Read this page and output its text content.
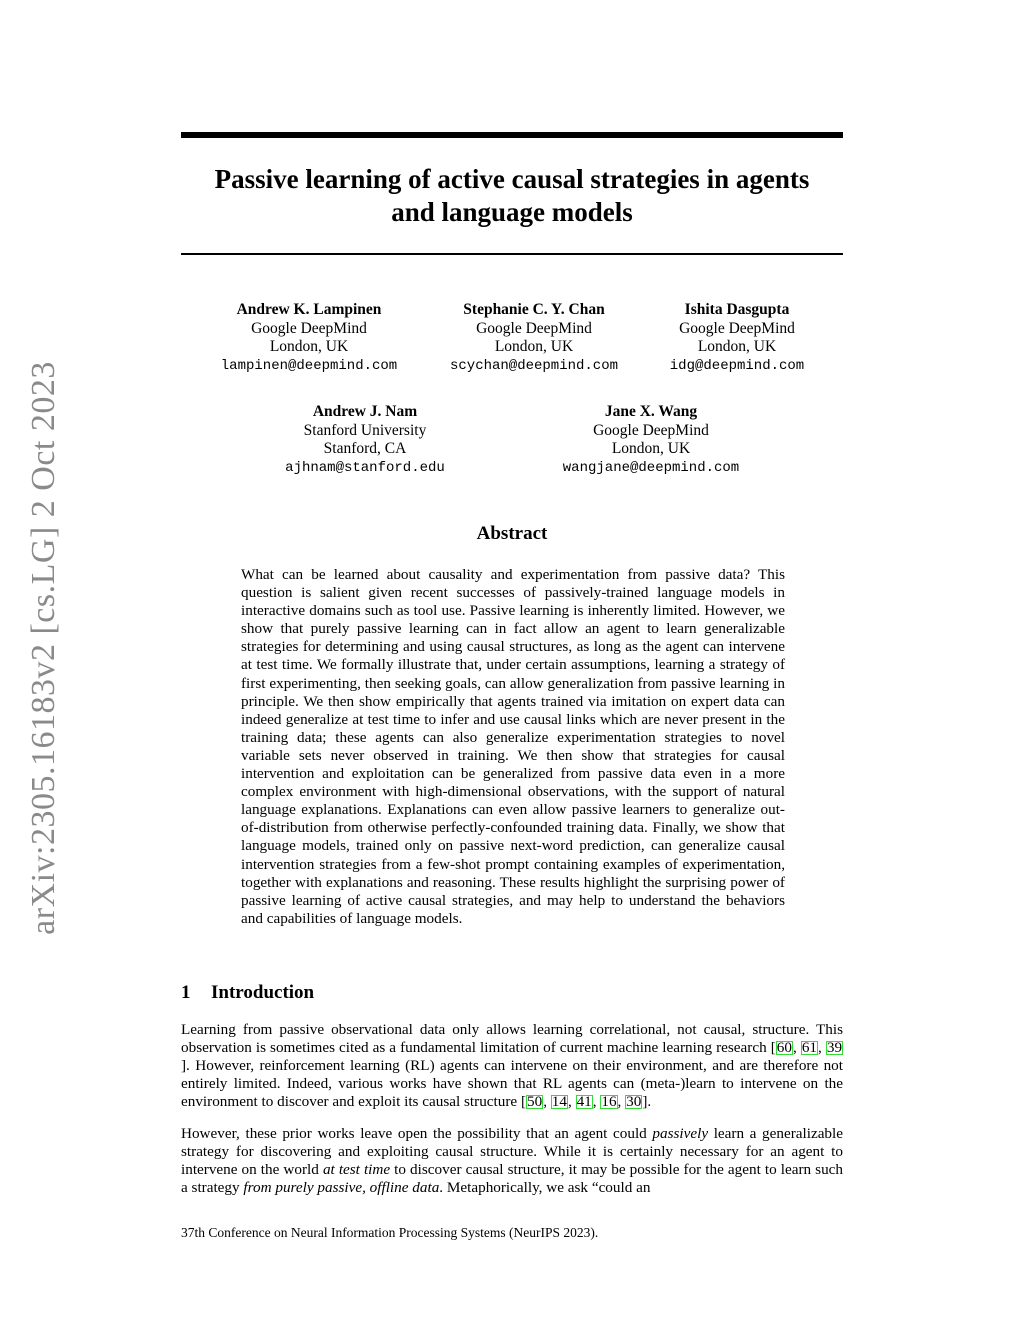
arXiv:2305.16183v2 [cs.LG] 2 Oct 2023
Passive learning of active causal strategies in agents
and language models
Andrew K. Lampinen
Google DeepMind
London, UK
lampinen@deepmind.com
Stephanie C. Y. Chan
Google DeepMind
London, UK
scychan@deepmind.com
Ishita Dasgupta
Google DeepMind
London, UK
idg@deepmind.com
Andrew J. Nam
Stanford University
Stanford, CA
ajhnam@stanford.edu
Jane X. Wang
Google DeepMind
London, UK
wangjane@deepmind.com
Abstract
What can be learned about causality and experimentation from passive data? This question is salient given recent successes of passively-trained language models in interactive domains such as tool use. Passive learning is inherently limited. However, we show that purely passive learning can in fact allow an agent to learn generalizable strategies for determining and using causal structures, as long as the agent can intervene at test time. We formally illustrate that, under certain assumptions, learning a strategy of first experimenting, then seeking goals, can allow generalization from passive learning in principle. We then show empirically that agents trained via imitation on expert data can indeed generalize at test time to infer and use causal links which are never present in the training data; these agents can also generalize experimentation strategies to novel variable sets never observed in training. We then show that strategies for causal intervention and exploitation can be generalized from passive data even in a more complex environment with high-dimensional observations, with the support of natural language explanations. Explanations can even allow passive learners to generalize out-of-distribution from otherwise perfectly-confounded training data. Finally, we show that language models, trained only on passive next-word prediction, can generalize causal intervention strategies from a few-shot prompt containing examples of experimentation, together with explanations and reasoning. These results highlight the surprising power of passive learning of active causal strategies, and may help to understand the behaviors and capabilities of language models.
1 Introduction
Learning from passive observational data only allows learning correlational, not causal, structure. This observation is sometimes cited as a fundamental limitation of current machine learning research [60, 61, 39]. However, reinforcement learning (RL) agents can intervene on their environment, and are therefore not entirely limited. Indeed, various works have shown that RL agents can (meta-)learn to intervene on the environment to discover and exploit its causal structure [50, 14, 41, 16, 30].
However, these prior works leave open the possibility that an agent could passively learn a generalizable strategy for discovering and exploiting causal structure. While it is certainly necessary for an agent to intervene on the world at test time to discover causal structure, it may be possible for the agent to learn such a strategy from purely passive, offline data. Metaphorically, we ask “could an
37th Conference on Neural Information Processing Systems (NeurIPS 2023).
